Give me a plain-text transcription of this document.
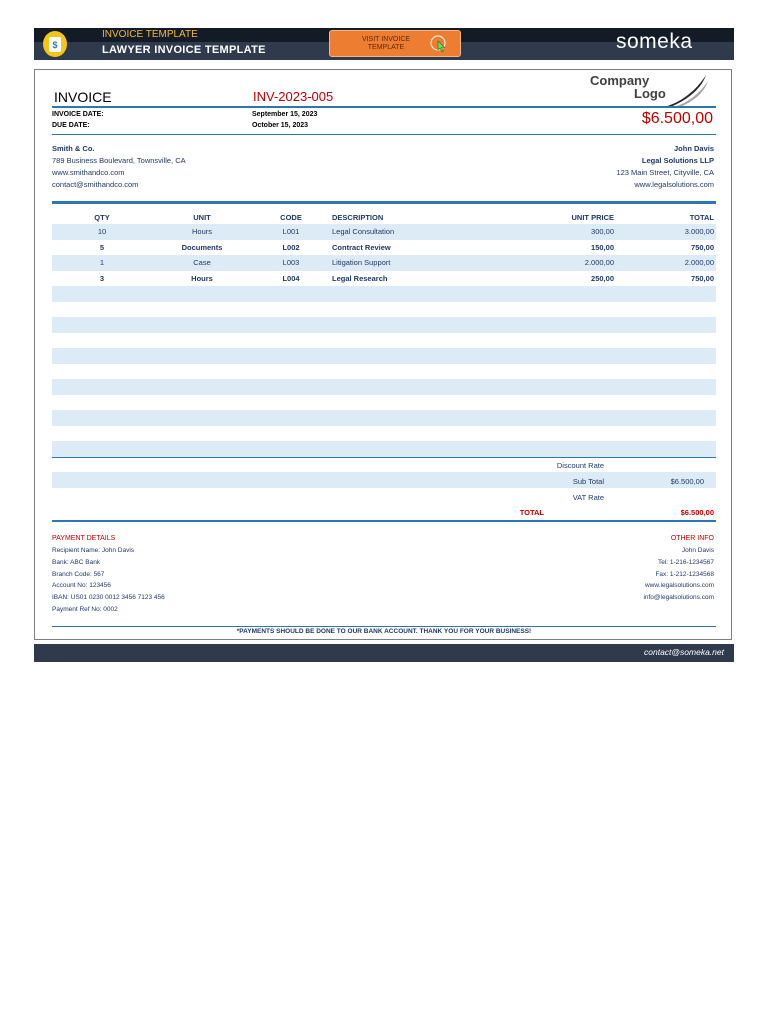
$
INVOICE TEMPLATE
LAWYER INVOICE TEMPLATE
VISIT INVOICE TEMPLATE	someka
INVOICE	INV-2023-005
Company
Logo
INVOICE DATE:	September 15, 2023
DUE DATE:	October 15, 2023	$6.500,00
Smith & Co.
789 Business Boulevard, Townsville, CA
www.smithandco.com
contact@smithandco.com
John Davis
Legal Solutions LLP
123 Main Street, Cityville, CA
www.legalsolutions.com
QTY	UNIT	CODE	DESCRIPTION	UNIT PRICE	TOTAL
10	Hours	L001	Legal Consultation	300,00	3.000,00
5	Documents	L002	Contract Review	150,00	750,00
1	Case	L003	Litigation Support	2.000,00	2.000,00
3	Hours	L004	Legal Research	250,00	750,00

Discount Rate
Sub Total	$6.500,00
VAT Rate
TOTAL	$6.500,00
PAYMENT DETAILS
Recipient Name: John Davis
Bank: ABC Bank
Branch Code: 567
Account No: 123456
IBAN: US01 0230 0012 3456 7123 456
Payment Ref No: 0002
OTHER INFO
John Davis
Tel: 1-216-1234567
Fax: 1-212-1234568
www.legalsolutions.com
info@legalsolutions.com
*PAYMENTS SHOULD BE DONE TO OUR BANK ACCOUNT. THANK YOU FOR YOUR BUSINESS!
contact@someka.net
